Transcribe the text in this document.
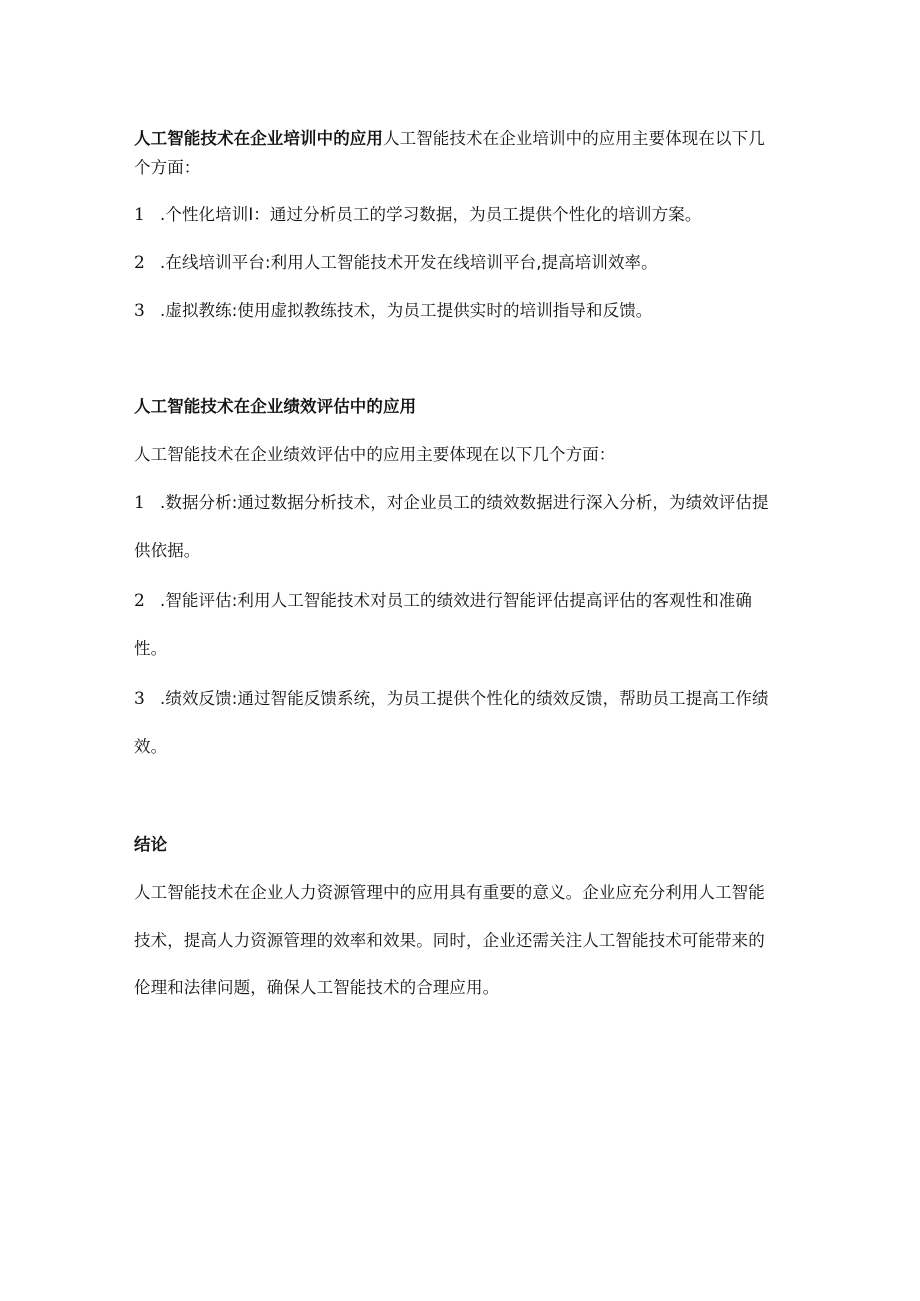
人工智能技术在企业培训中的应用人工智能技术在企业培训中的应用主要体现在以下几
个方面：
1 .个性化培训I：通过分析员工的学习数据，为员工提供个性化的培训方案。
2 .在线培训平台:利用人工智能技术开发在线培训平台,提高培训效率。
3 .虚拟教练:使用虚拟教练技术，为员工提供实时的培训指导和反馈。
人工智能技术在企业绩效评估中的应用
人工智能技术在企业绩效评估中的应用主要体现在以下几个方面：
1 .数据分析:通过数据分析技术，对企业员工的绩效数据进行深入分析，为绩效评估提
供依据。
2 .智能评估:利用人工智能技术对员工的绩效进行智能评估提高评估的客观性和准确
性。
3 .绩效反馈:通过智能反馈系统，为员工提供个性化的绩效反馈，帮助员工提高工作绩
效。
结论
人工智能技术在企业人力资源管理中的应用具有重要的意义。企业应充分利用人工智能
技术，提高人力资源管理的效率和效果。同时，企业还需关注人工智能技术可能带来的
伦理和法律问题，确保人工智能技术的合理应用。
